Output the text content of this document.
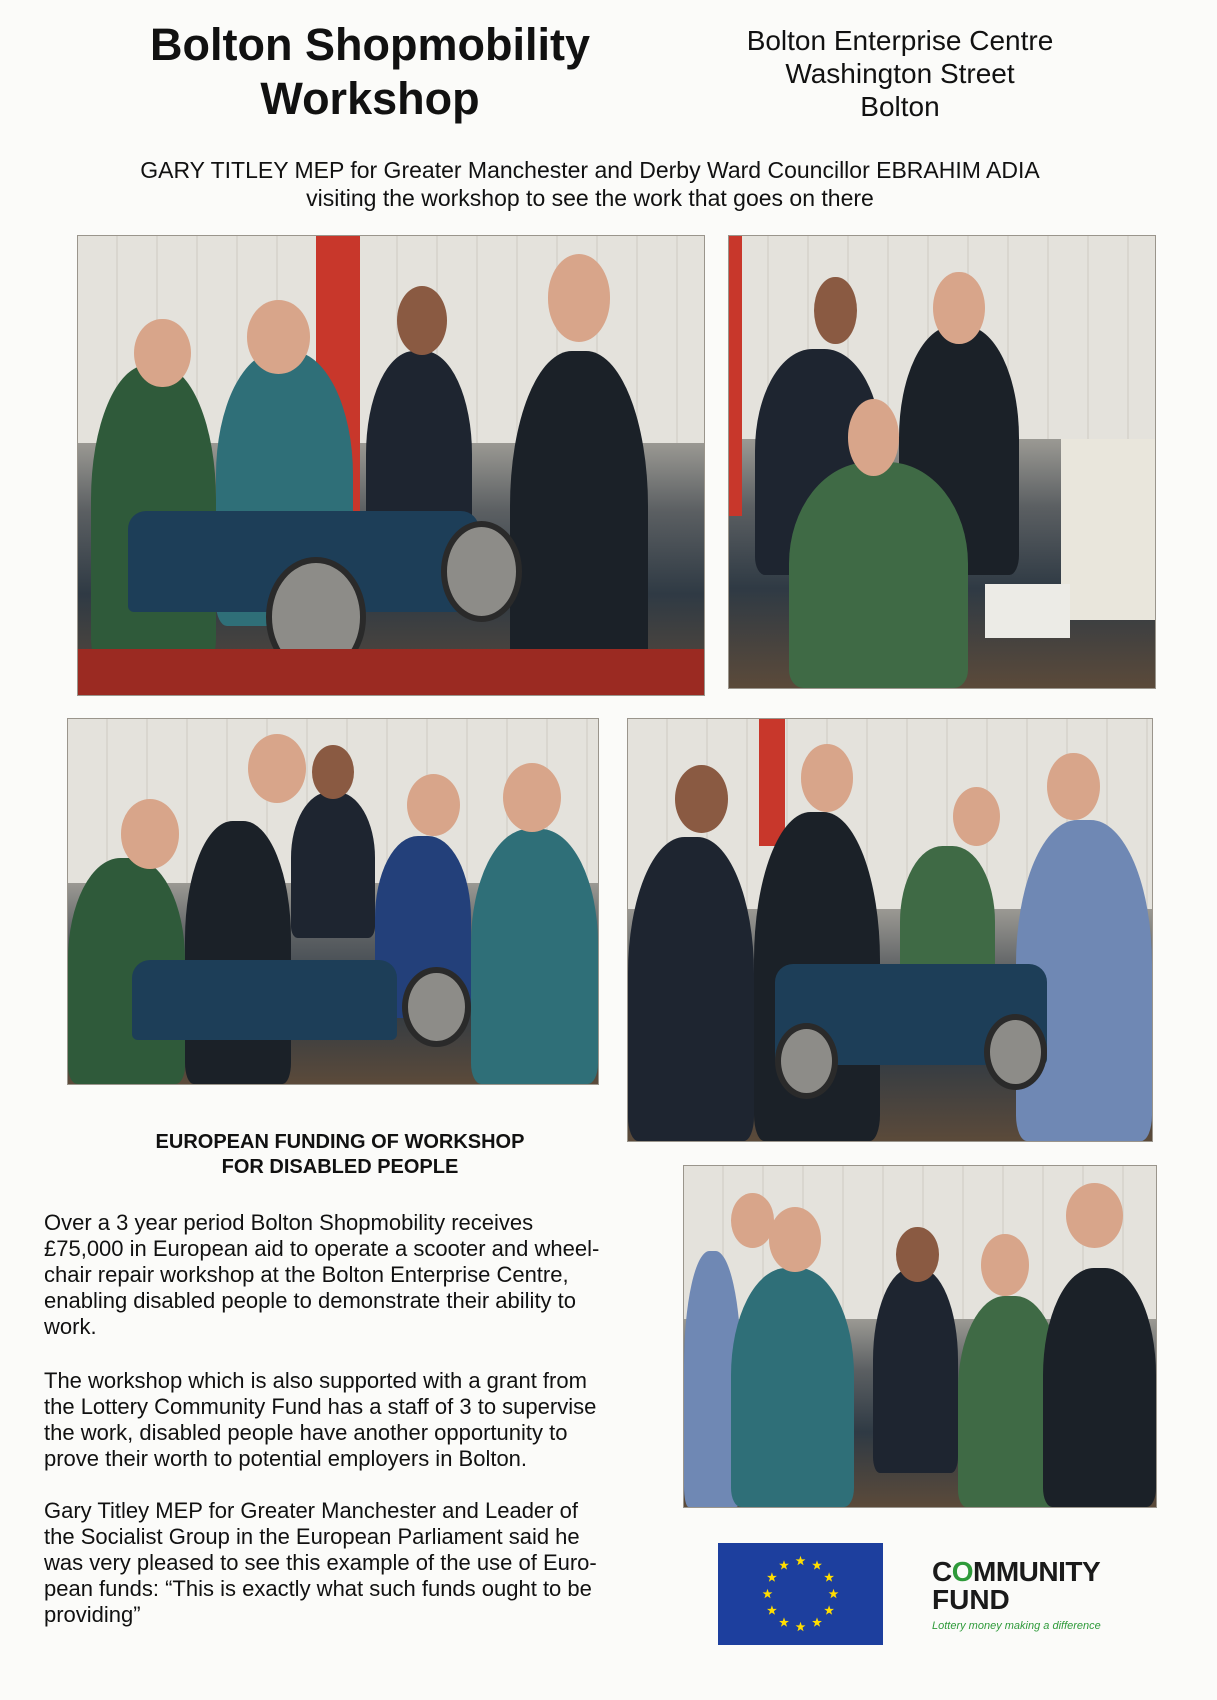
Bolton Shopmobility
Workshop
Bolton Enterprise Centre
Washington Street
Bolton
GARY TITLEY MEP for Greater Manchester and Derby Ward Councillor EBRAHIM ADIA
visiting the workshop to see the work that goes on there
EUROPEAN FUNDING OF WORKSHOP
FOR DISABLED PEOPLE
Over a 3 year period Bolton Shopmobility receives
£75,000 in European aid to operate a scooter and wheel-
chair repair workshop at the Bolton Enterprise Centre,
enabling disabled people to demonstrate their ability to
work.
The workshop which is also supported with a grant from
the Lottery Community Fund has a staff of 3 to supervise
the work, disabled people have another opportunity to
prove their worth to potential employers in Bolton.
Gary Titley MEP for Greater Manchester and Leader of
the Socialist Group in the European Parliament said he
was very pleased to see this example of the use of Euro-
pean funds: “This is exactly what such funds ought to be
providing”
COMMUNITY
FUND
Lottery money making a difference
